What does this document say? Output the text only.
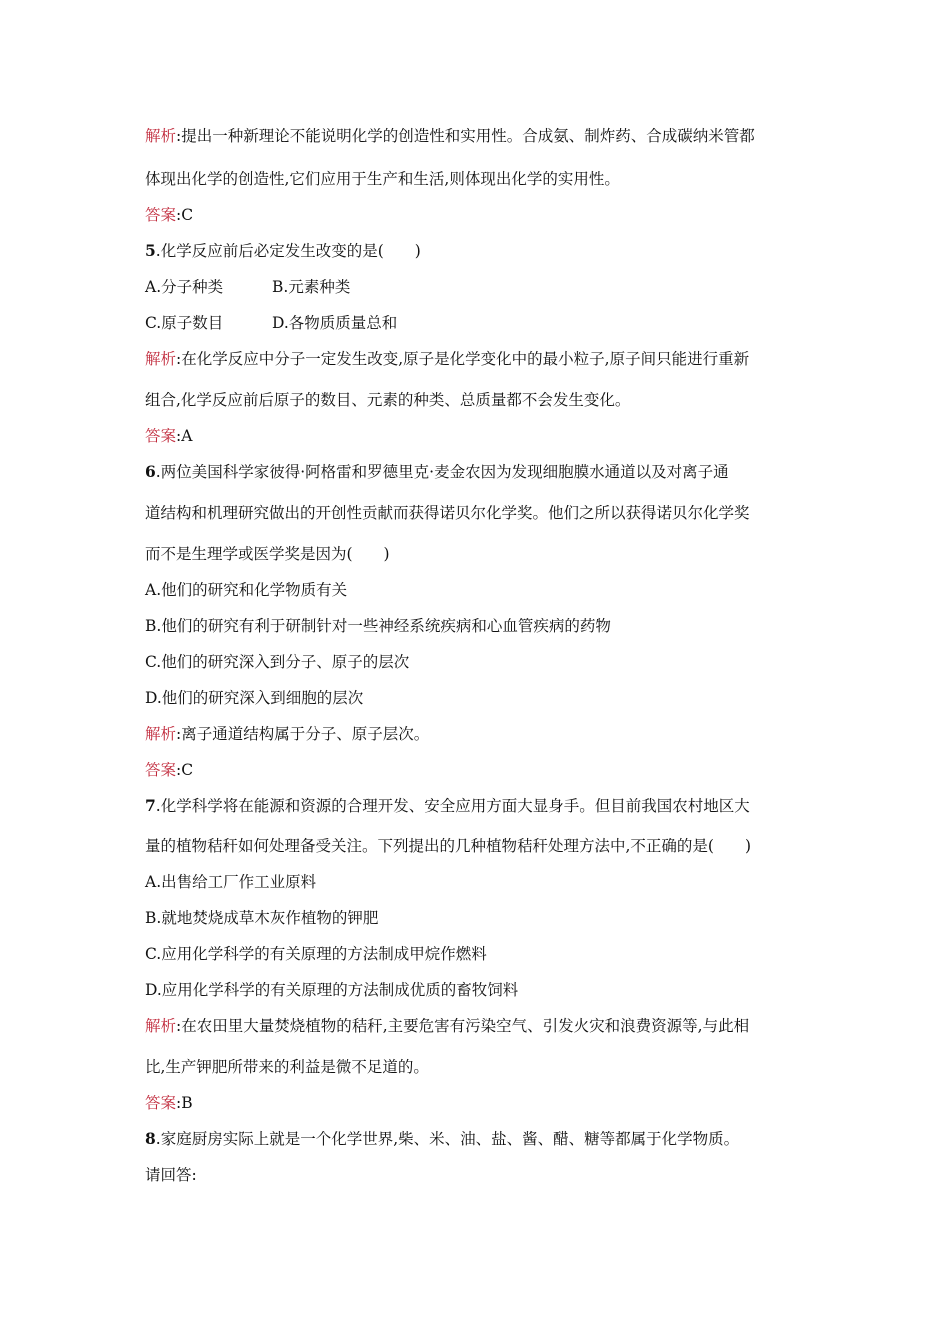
解析:提出一种新理论不能说明化学的创造性和实用性。合成氨、制炸药、合成碳纳米管都
体现出化学的创造性,它们应用于生产和生活,则体现出化学的实用性。
答案:C
5.化学反应前后必定发生改变的是(　　)
A.分子种类	B.元素种类
C.原子数目	D.各物质质量总和
解析:在化学反应中分子一定发生改变,原子是化学变化中的最小粒子,原子间只能进行重新
组合,化学反应前后原子的数目、元素的种类、总质量都不会发生变化。
答案:A
6.两位美国科学家彼得·阿格雷和罗德里克·麦金农因为发现细胞膜水通道以及对离子通
道结构和机理研究做出的开创性贡献而获得诺贝尔化学奖。他们之所以获得诺贝尔化学奖
而不是生理学或医学奖是因为(　　)
A.他们的研究和化学物质有关
B.他们的研究有利于研制针对一些神经系统疾病和心血管疾病的药物
C.他们的研究深入到分子、原子的层次
D.他们的研究深入到细胞的层次
解析:离子通道结构属于分子、原子层次。
答案:C
7.化学科学将在能源和资源的合理开发、安全应用方面大显身手。但目前我国农村地区大
量的植物秸秆如何处理备受关注。下列提出的几种植物秸秆处理方法中,不正确的是(　　)
A.出售给工厂作工业原料
B.就地焚烧成草木灰作植物的钾肥
C.应用化学科学的有关原理的方法制成甲烷作燃料
D.应用化学科学的有关原理的方法制成优质的畜牧饲料
解析:在农田里大量焚烧植物的秸秆,主要危害有污染空气、引发火灾和浪费资源等,与此相
比,生产钾肥所带来的利益是微不足道的。
答案:B
8.家庭厨房实际上就是一个化学世界,柴、米、油、盐、酱、醋、糖等都属于化学物质。
请回答:
